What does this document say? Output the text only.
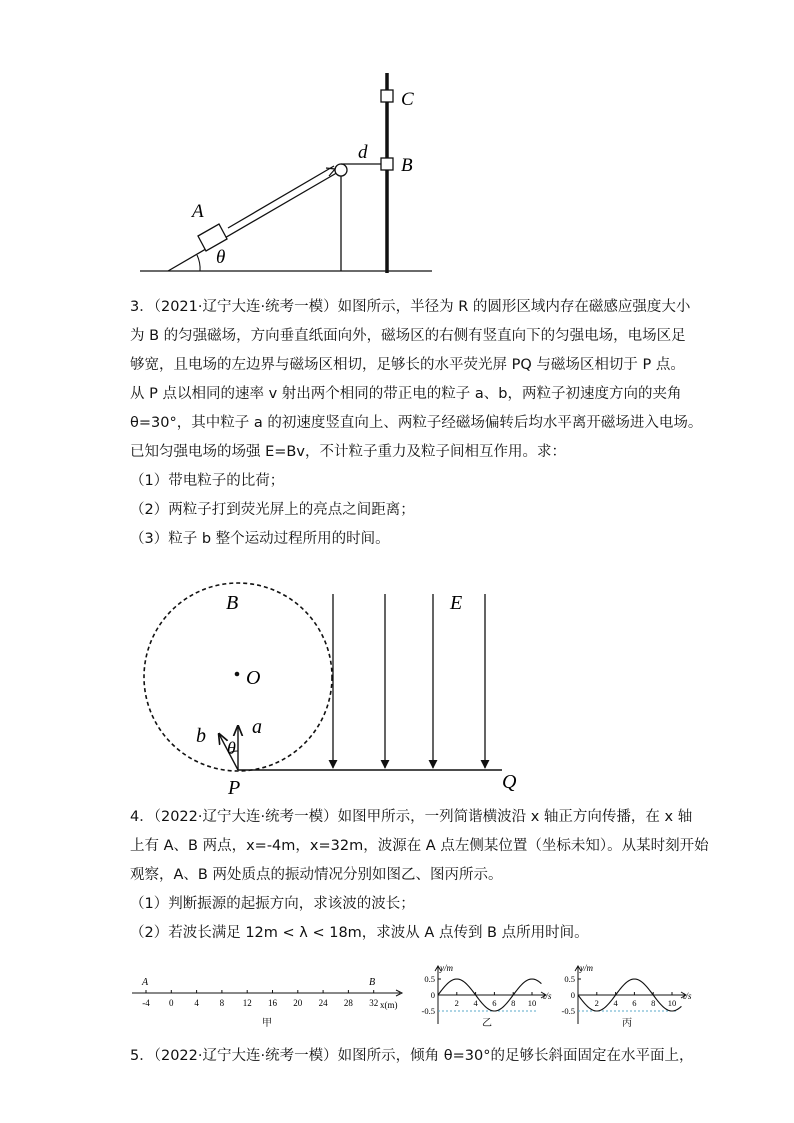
C
B
d
A
θ

3．（2021·辽宁大连·统考一模）如图所示，半径为 R 的圆形区域内存在磁感应强度大小

为 B 的匀强磁场，方向垂直纸面向外，磁场区的右侧有竖直向下的匀强电场，电场区足

够宽，且电场的左边界与磁场区相切，足够长的水平荧光屏 PQ 与磁场区相切于 P 点。

从 P 点以相同的速率 v 射出两个相同的带正电的粒子 a、b，两粒子初速度方向的夹角

θ=30°，其中粒子 a 的初速度竖直向上、两粒子经磁场偏转后均水平离开磁场进入电场。

已知匀强电场的场强 E=Bv，不计粒子重力及粒子间相互作用。求：

（1）带电粒子的比荷；

（2）两粒子打到荧光屏上的亮点之间距离；

（3）粒子 b 整个运动过程所用的时间。

B	E
O
a
b
θ
P	Q

4．（2022·辽宁大连·统考一模）如图甲所示，一列简谐横波沿 x 轴正方向传播，在 x 轴

上有 A、B 两点，x=-4m，x=32m，波源在 A 点左侧某位置（坐标未知）。从某时刻开始

观察，A、B 两处质点的振动情况分别如图乙、图丙所示。

（1）判断振源的起振方向，求该波的波长；

（2）若波长满足 12m < λ < 18m，求波从 A 点传到 B 点所用时间。

-4 0 4 8 12 16 20 24 28 32
A	B
x(m)
甲
y/m
t/s
乙
0.5
0
-0.5
2 4 6 8 10
y/m
t/s
丙
0.5
0
-0.5
2 4 6 8 10

5．（2022·辽宁大连·统考一模）如图所示，倾角 θ=30°的足够长斜面固定在水平面上，
